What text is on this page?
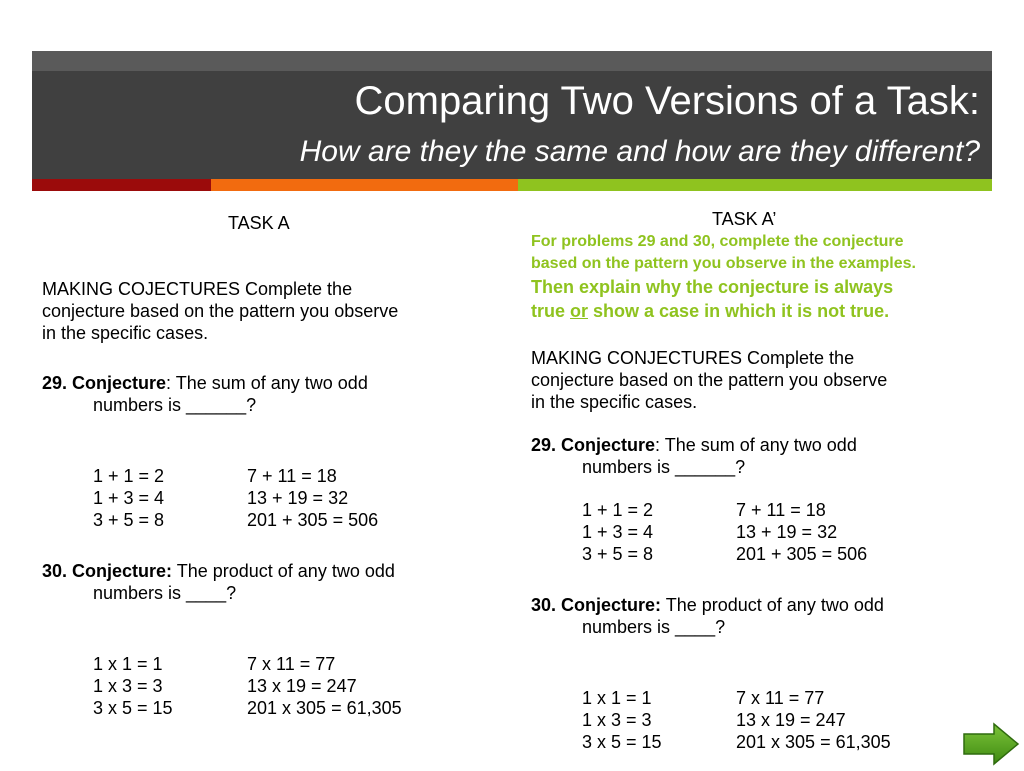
Comparing Two Versions of a Task:
How are they the same and how are they different?
TASK A
MAKING COJECTURES Complete the
conjecture based on the pattern you observe
in the specific cases.
29. Conjecture: The sum of any two odd
numbers is ______?
1 + 1 = 2	7 + 11 = 18
1 + 3 = 4	13 + 19 = 32
3 + 5 = 8	201 + 305 = 506
30. Conjecture: The product of any two odd
numbers is ____?
1 x 1 = 1	7 x 11 = 77
1 x 3 = 3	13 x 19 = 247
3 x 5 = 15	201 x 305 = 61,305
TASK A’
For problems 29 and 30, complete the conjecture
based on the pattern you observe in the examples.
Then explain why the conjecture is always
true or show a case in which it is not true.
MAKING CONJECTURES Complete the
conjecture based on the pattern you observe
in the specific cases.
29. Conjecture: The sum of any two odd
numbers is ______?
1 + 1 = 2	7 + 11 = 18
1 + 3 = 4	13 + 19 = 32
3 + 5 = 8	201 + 305 = 506
30. Conjecture: The product of any two odd
numbers is ____?
1 x 1 = 1	7 x 11 = 77
1 x 3 = 3	13 x 19 = 247
3 x 5 = 15	201 x 305 = 61,305
